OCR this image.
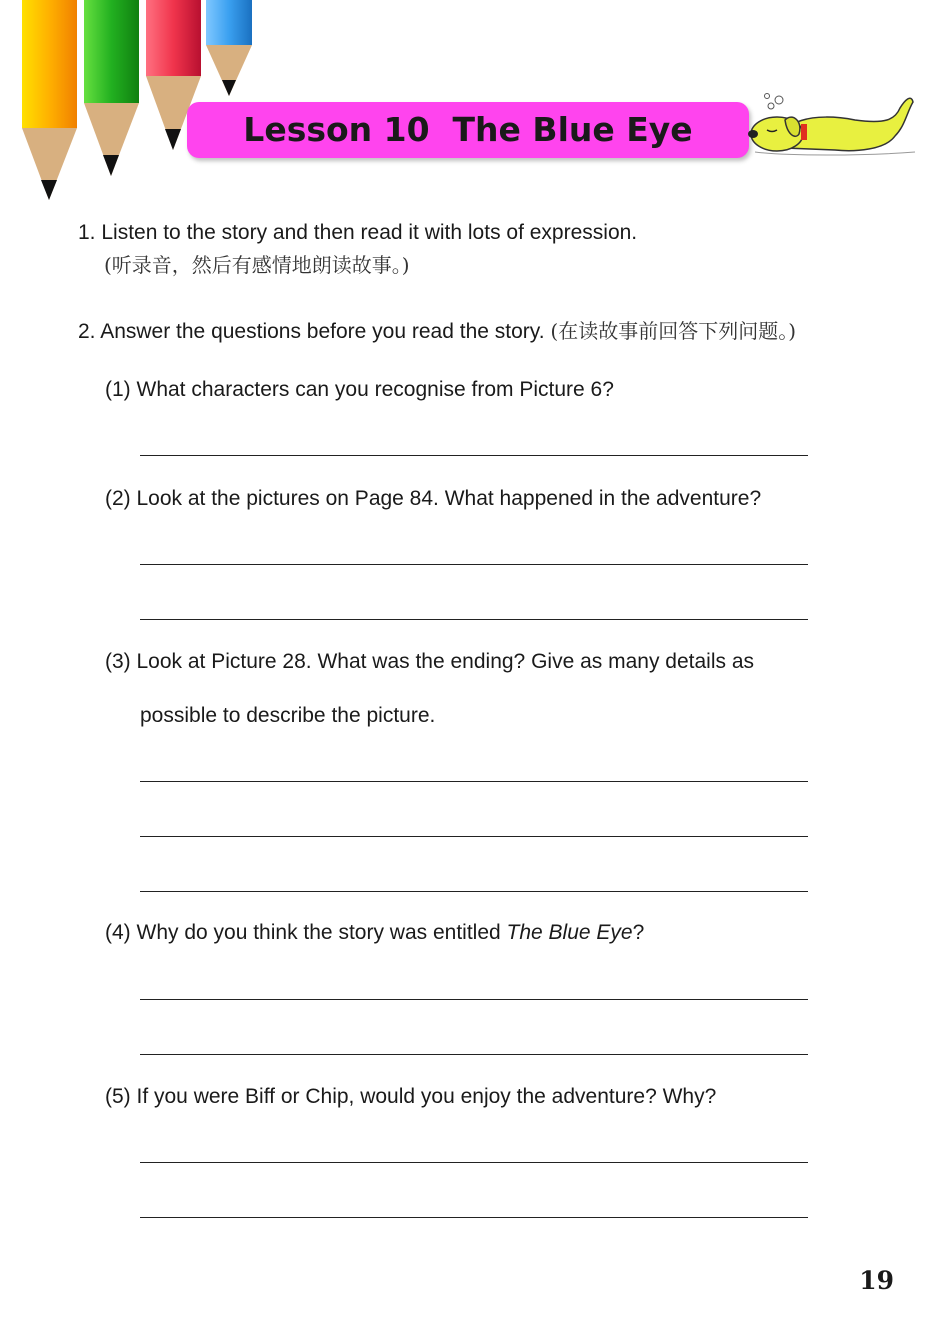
Lesson 10  The Blue Eye
1. Listen to the story and then read it with lots of expression.
(听录音，然后有感情地朗读故事。)
2. Answer the questions before you read the story. (在读故事前回答下列问题。)
(1) What characters can you recognise from Picture 6?
(2) Look at the pictures on Page 84. What happened in the adventure?
(3) Look at Picture 28. What was the ending? Give as many details as
possible to describe the picture.
(4) Why do you think the story was entitled The Blue Eye?
(5) If you were Biff or Chip, would you enjoy the adventure? Why?
19
